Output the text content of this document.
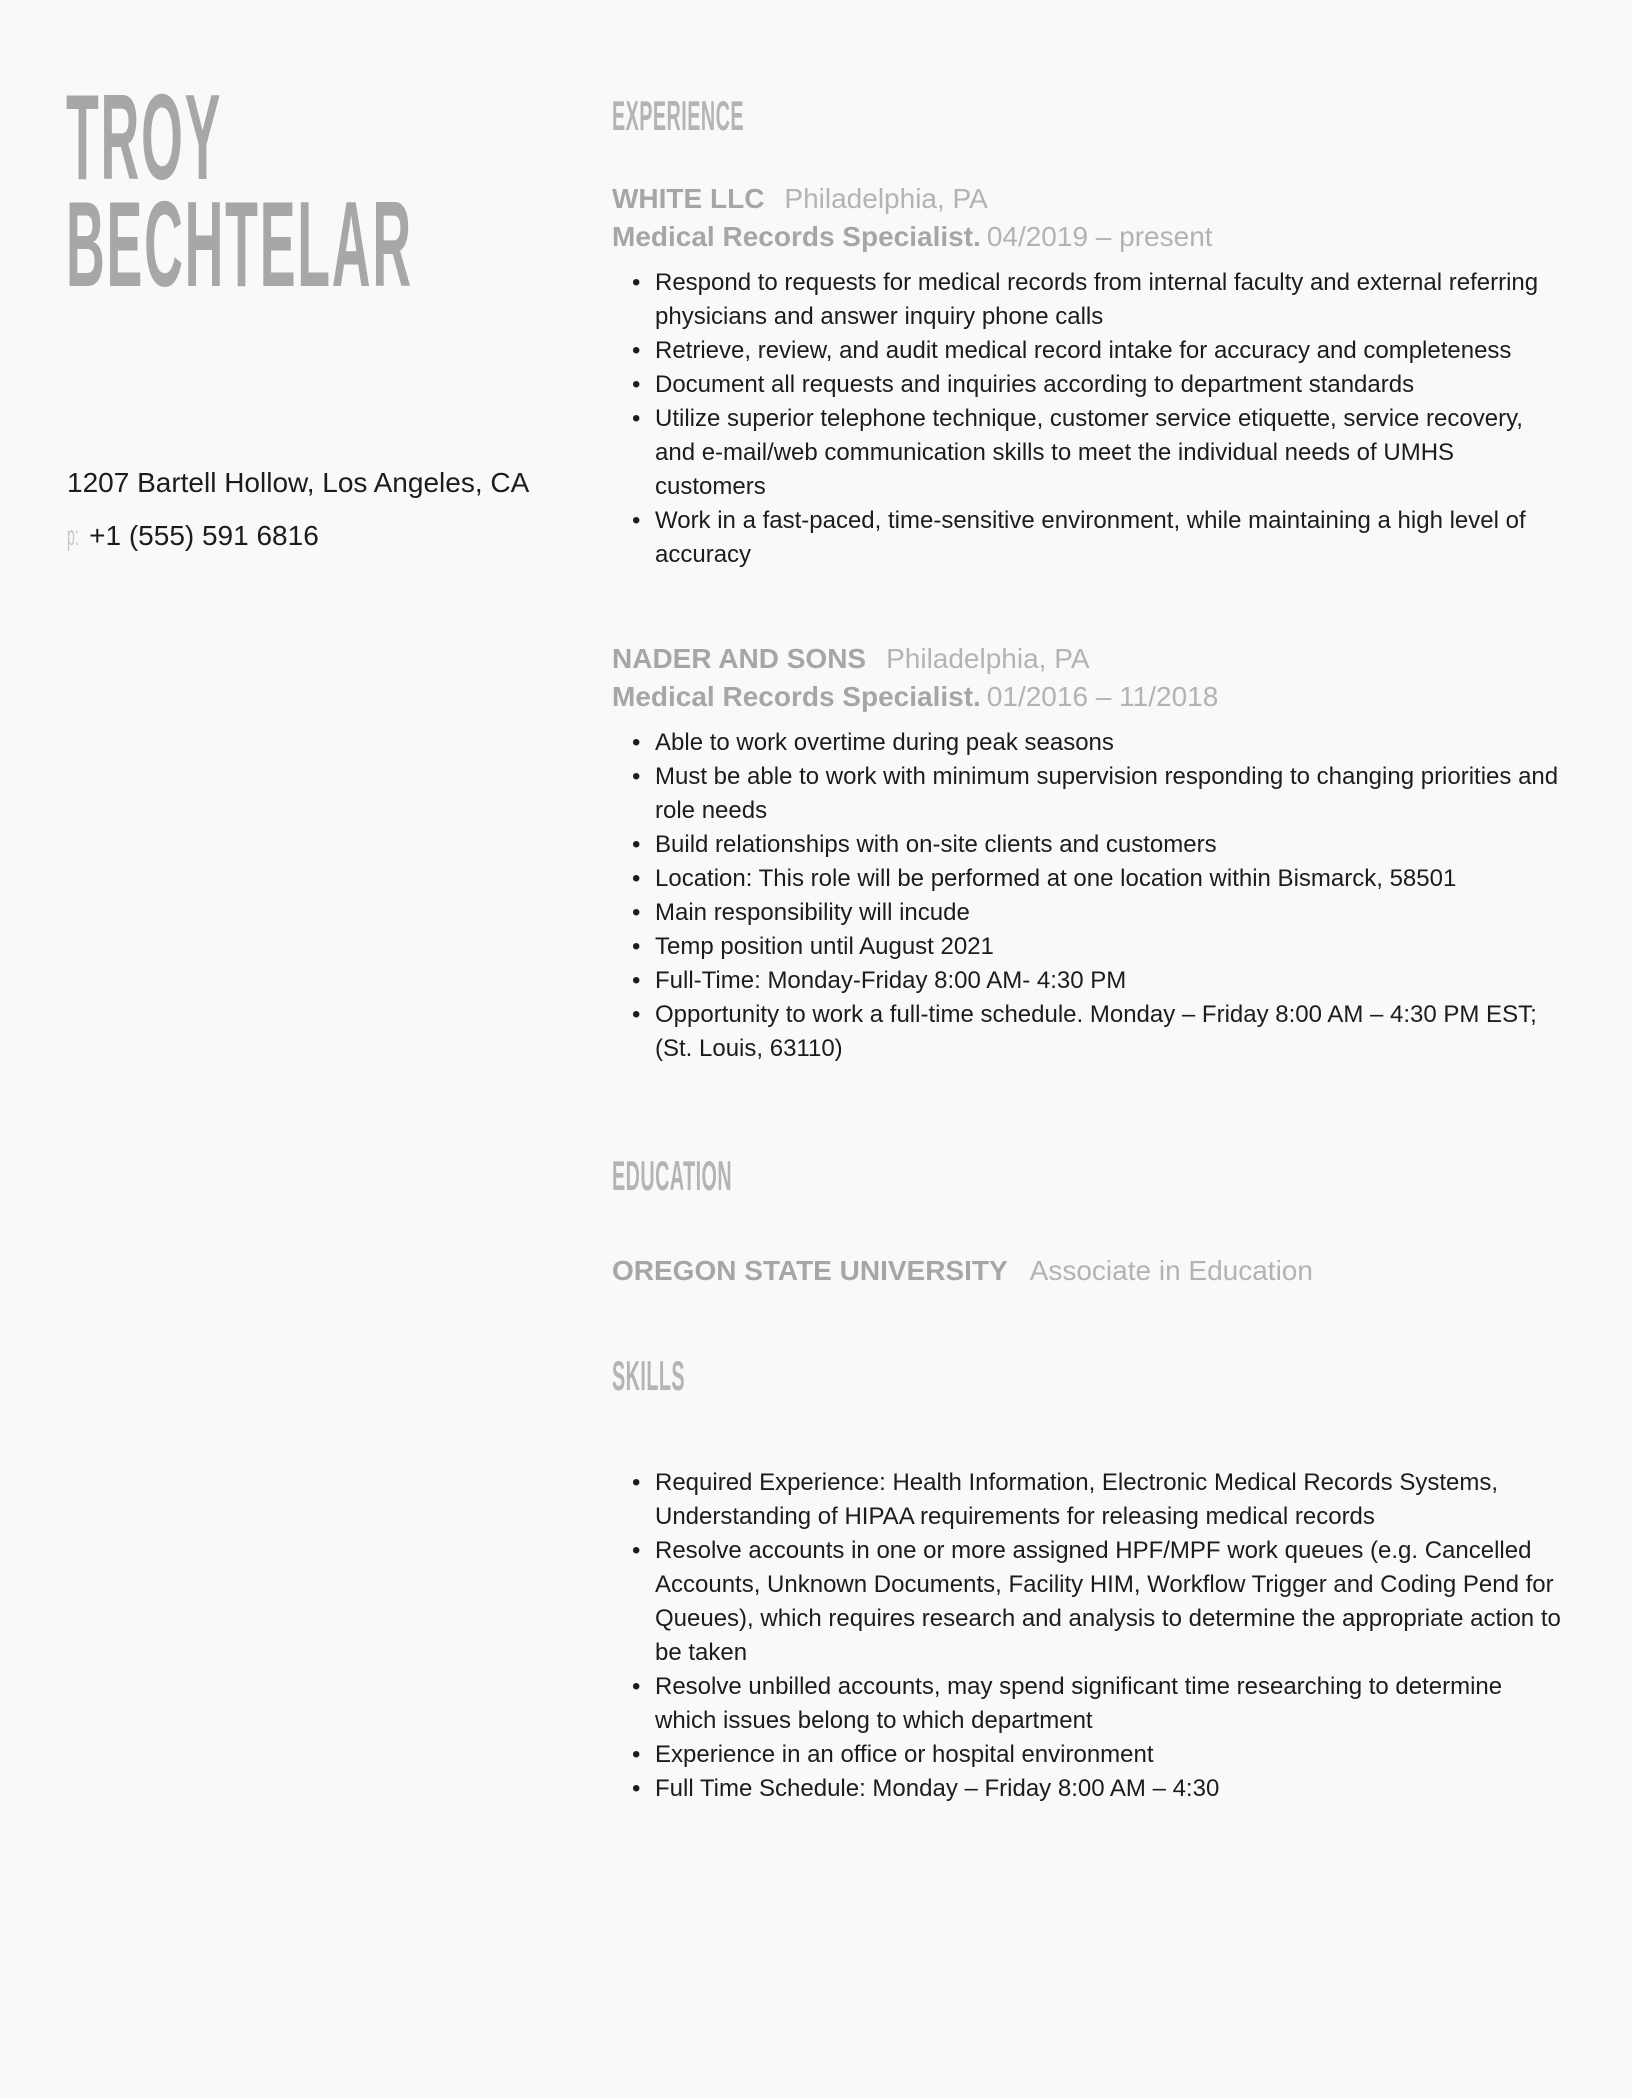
TROY
BECHTELAR
1207 Bartell Hollow, Los Angeles, CA
p: +1 (555) 591 6816
EXPERIENCE

WHITE LLC Philadelphia, PA

Medical Records Specialist. 04/2019 – present

• Respond to requests for medical records from internal faculty and external referring physicians and answer inquiry phone calls
• Retrieve, review, and audit medical record intake for accuracy and completeness
• Document all requests and inquiries according to department standards
• Utilize superior telephone technique, customer service etiquette, service recovery, and e-mail/web communication skills to meet the individual needs of UMHS customers
• Work in a fast-paced, time-sensitive environment, while maintaining a high level of accuracy

NADER AND SONS Philadelphia, PA

Medical Records Specialist. 01/2016 – 11/2018

• Able to work overtime during peak seasons
• Must be able to work with minimum supervision responding to changing priorities and role needs
• Build relationships with on-site clients and customers
• Location: This role will be performed at one location within Bismarck, 58501
• Main responsibility will incude
• Temp position until August 2021
• Full-Time: Monday-Friday 8:00 AM- 4:30 PM
• Opportunity to work a full-time schedule. Monday – Friday 8:00 AM – 4:30 PM EST; (St. Louis, 63110)
EDUCATION

OREGON STATE UNIVERSITY Associate in Education

SKILLS
• Required Experience: Health Information, Electronic Medical Records Systems, Understanding of HIPAA requirements for releasing medical records
• Resolve accounts in one or more assigned HPF/MPF work queues (e.g. Cancelled Accounts, Unknown Documents, Facility HIM, Workflow Trigger and Coding Pend for Queues), which requires research and analysis to determine the appropriate action to be taken
• Resolve unbilled accounts, may spend significant time researching to determine which issues belong to which department
• Experience in an office or hospital environment
• Full Time Schedule: Monday – Friday 8:00 AM – 4:30
